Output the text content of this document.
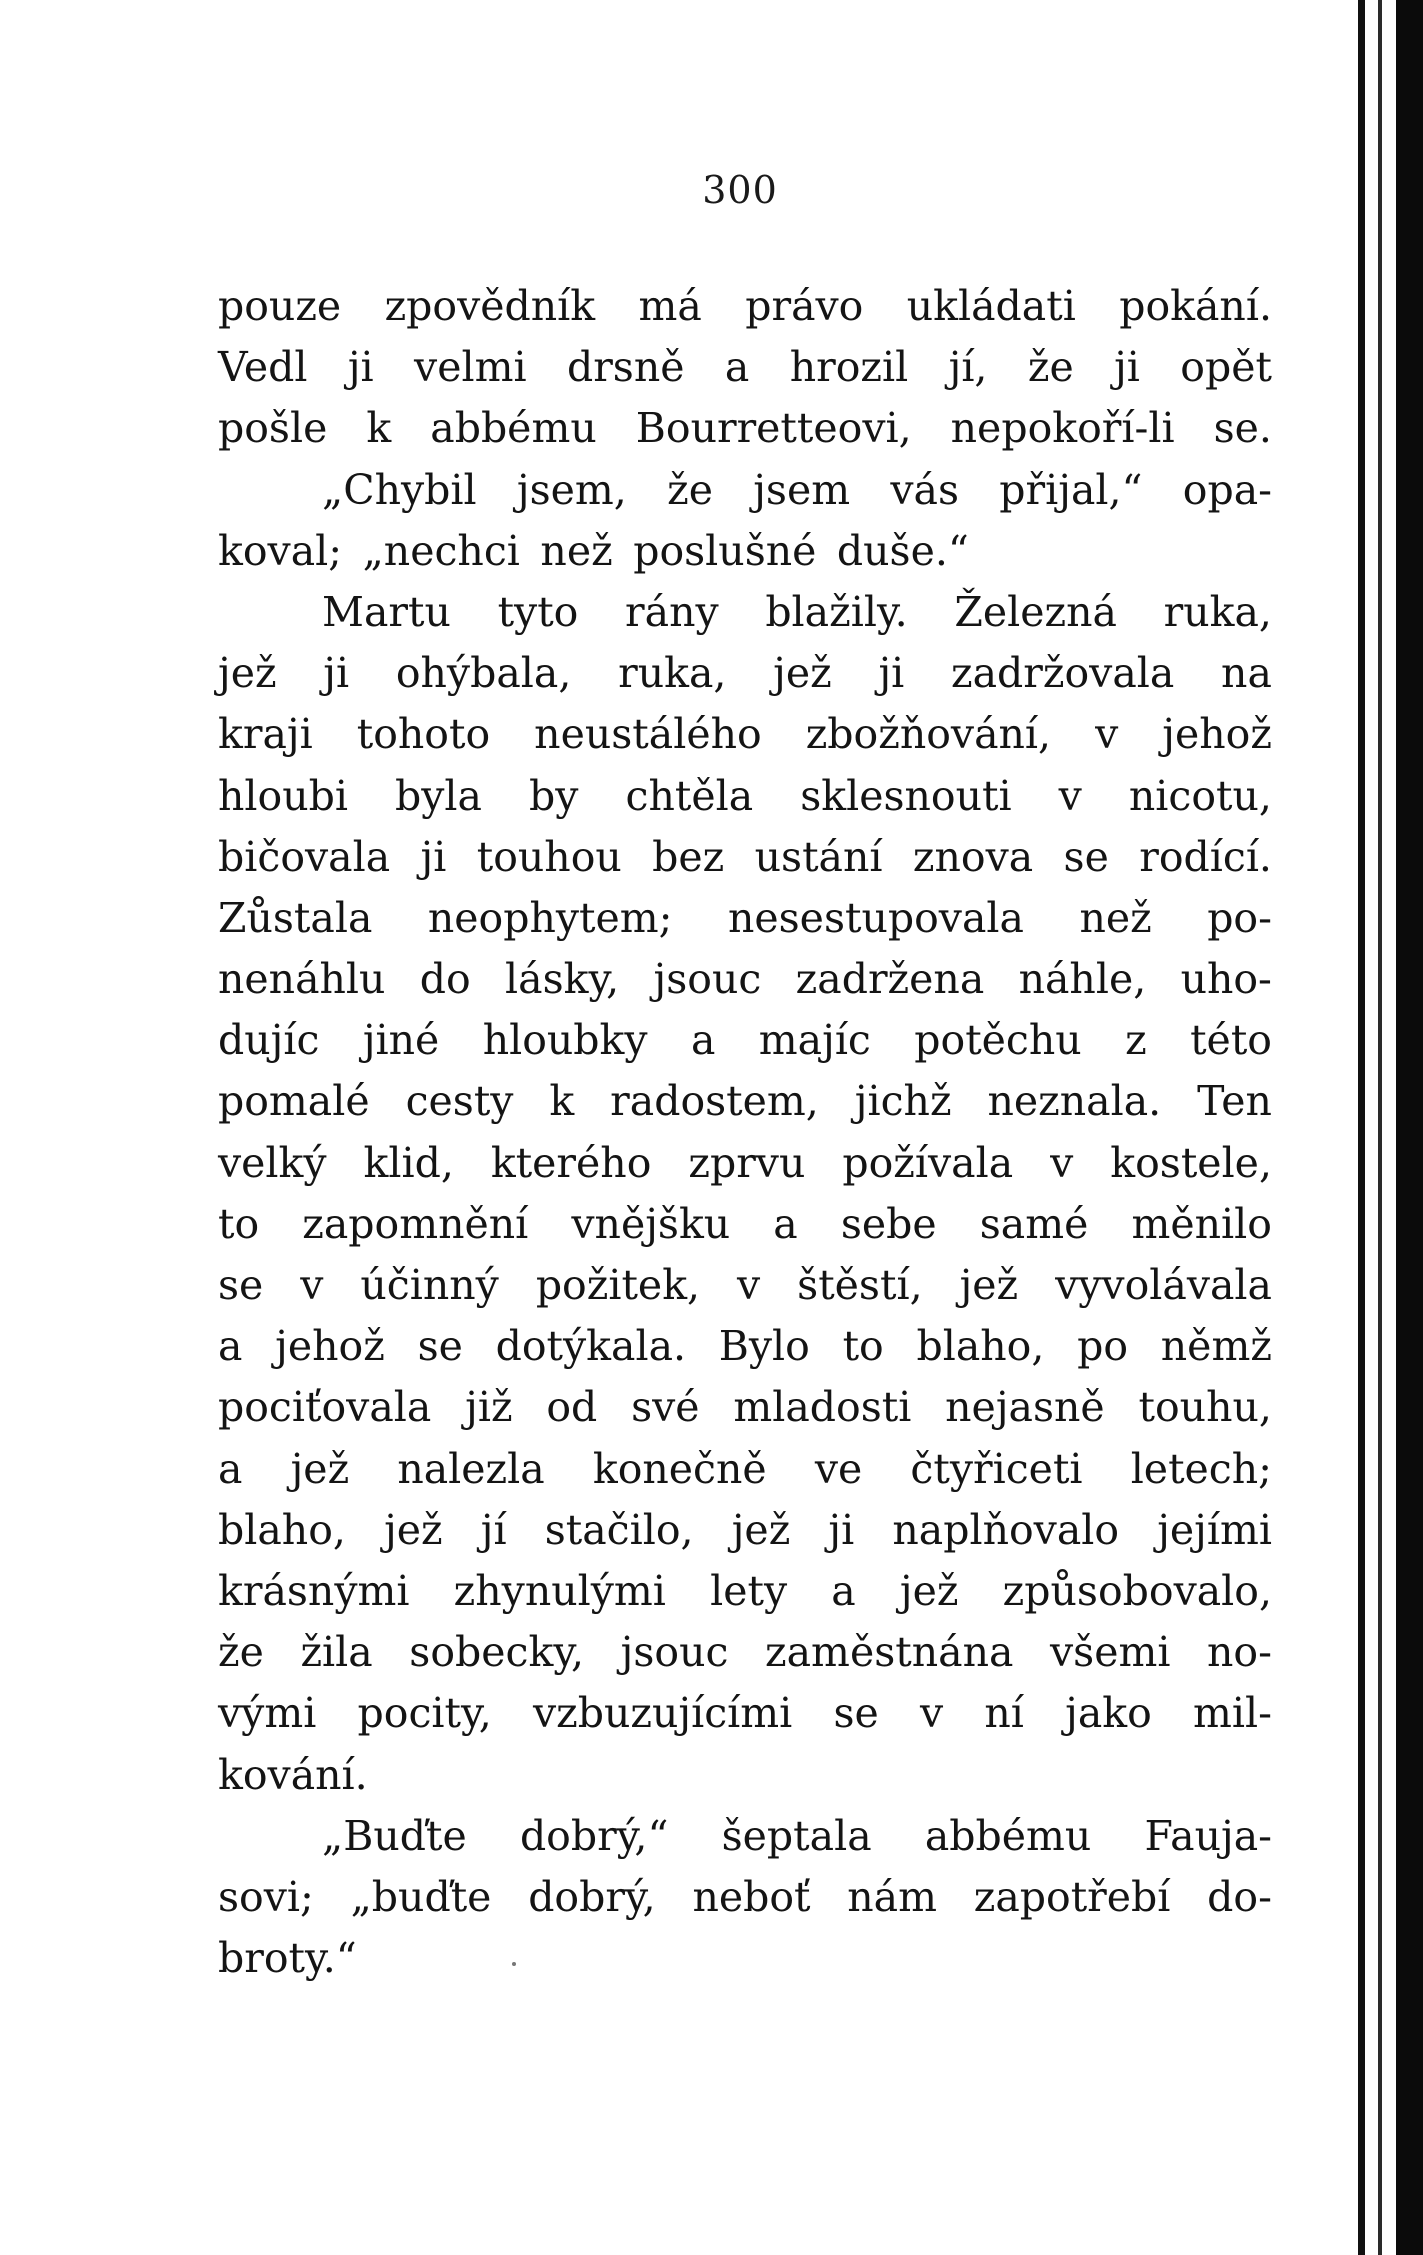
300
pouze zpovědník má právo ukládati pokání.
Vedl ji velmi drsně a hrozil jí, že ji opět
pošle k abbému Bourretteovi, nepokoří-li se.
„Chybil jsem, že jsem vás přijal,“ opa-
koval; „nechci než poslušné duše.“
Martu tyto rány blažily. Železná ruka,
jež ji ohýbala, ruka, jež ji zadržovala na
kraji tohoto neustálého zbožňování, v jehož
hloubi byla by chtěla sklesnouti v nicotu,
bičovala ji touhou bez ustání znova se rodící.
Zůstala neophytem; nesestupovala než po-
nenáhlu do lásky, jsouc zadržena náhle, uho-
dujíc jiné hloubky a majíc potěchu z této
pomalé cesty k radostem, jichž neznala. Ten
velký klid, kterého zprvu požívala v kostele,
to zapomnění vnějšku a sebe samé měnilo
se v účinný požitek, v štěstí, jež vyvolávala
a jehož se dotýkala. Bylo to blaho, po němž
pociťovala již od své mladosti nejasně touhu,
a jež nalezla konečně ve čtyřiceti letech;
blaho, jež jí stačilo, jež ji naplňovalo jejími
krásnými zhynulými lety a jež způsobovalo,
že žila sobecky, jsouc zaměstnána všemi no-
vými pocity, vzbuzujícími se v ní jako mil-
kování.
„Buďte dobrý,“ šeptala abbému Fauja-
sovi; „buďte dobrý, neboť nám zapotřebí do-
broty.“
